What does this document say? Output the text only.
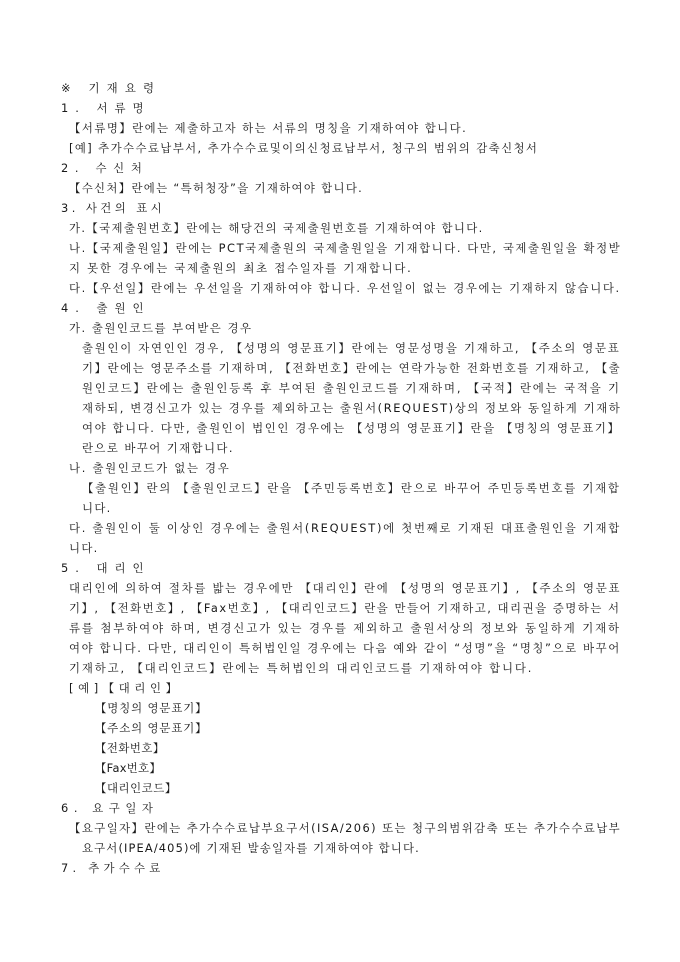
※ 기재요령
1. 서류명
【서류명】란에는 제출하고자 하는 서류의 명칭을 기재하여야 합니다.
[예] 추가수수료납부서, 추가수수료및이의신청료납부서, 청구의 범위의 감축신청서
2. 수신처
【수신처】란에는 “특허청장”을 기재하여야 합니다.
3. 사건의 표시
가.【국제출원번호】란에는 해당건의 국제출원번호를 기재하여야 합니다.
나.【국제출원일】란에는 PCT국제출원의 국제출원일을 기재합니다. 다만, 국제출원일을 확정받
지 못한 경우에는 국제출원의 최초 접수일자를 기재합니다.
다.【우선일】란에는 우선일을 기재하여야 합니다. 우선일이 없는 경우에는 기재하지 않습니다.
4. 출원인
가. 출원인코드를 부여받은 경우
출원인이 자연인인 경우, 【성명의 영문표기】란에는 영문성명을 기재하고, 【주소의 영문표
기】란에는 영문주소를 기재하며, 【전화번호】란에는 연락가능한 전화번호를 기재하고, 【출
원인코드】란에는 출원인등록 후 부여된 출원인코드를 기재하며, 【국적】란에는 국적을 기
재하되, 변경신고가 있는 경우를 제외하고는 출원서(REQUEST)상의 정보와 동일하게 기재하
여야 합니다. 다만, 출원인이 법인인 경우에는 【성명의 영문표기】란을 【명칭의 영문표기】
란으로 바꾸어 기재합니다.
나. 출원인코드가 없는 경우
【출원인】란의 【출원인코드】란을 【주민등록번호】란으로 바꾸어 주민등록번호를 기재합
니다.
다. 출원인이 둘 이상인 경우에는 출원서(REQUEST)에 첫번째로 기재된 대표출원인을 기재합
니다.
5. 대리인
대리인에 의하여 절차를 밟는 경우에만 【대리인】란에 【성명의 영문표기】, 【주소의 영문표
기】, 【전화번호】, 【Fax번호】, 【대리인코드】란을 만들어 기재하고, 대리권을 증명하는 서
류를 첨부하여야 하며, 변경신고가 있는 경우를 제외하고 출원서상의 정보와 동일하게 기재하
여야 합니다. 다만, 대리인이 특허법인일 경우에는 다음 예와 같이 “성명”을 “명칭”으로 바꾸어
기재하고, 【대리인코드】란에는 특허법인의 대리인코드를 기재하여야 합니다.
[예]【대리인】
【명칭의 영문표기】
【주소의 영문표기】
【전화번호】
【Fax번호】
【대리인코드】
6. 요구일자
【요구일자】란에는 추가수수료납부요구서(ISA/206) 또는 청구의범위감축 또는 추가수수료납부
요구서(IPEA/405)에 기재된 발송일자를 기재하여야 합니다.
7. 추가수수료
